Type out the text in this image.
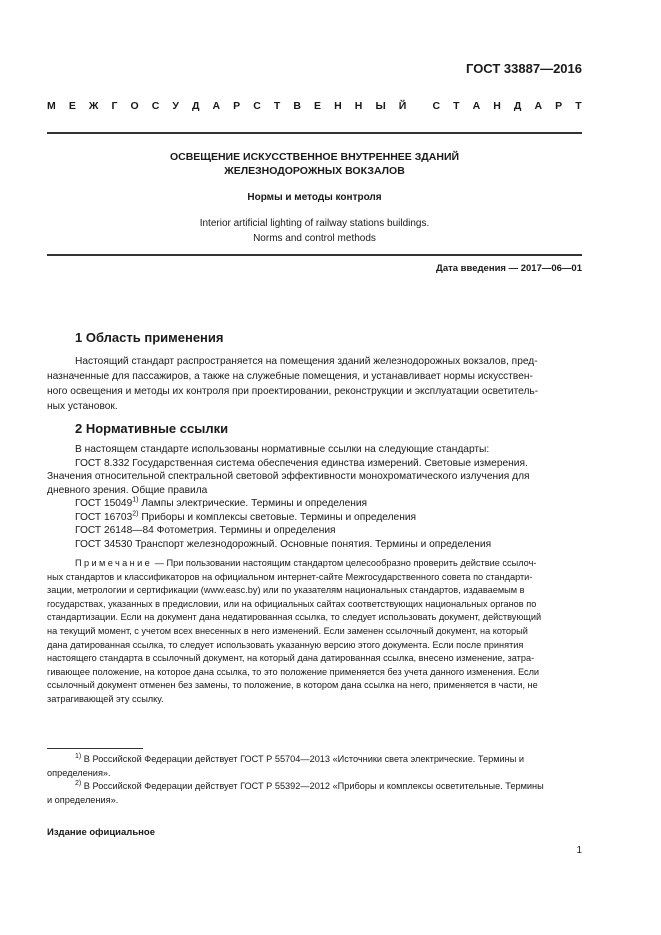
ГОСТ 33887—2016
М Е Ж Г О С У Д А Р С Т В Е Н Н Ы Й С Т А Н Д А Р Т
ОСВЕЩЕНИЕ ИСКУССТВЕННОЕ ВНУТРЕННЕЕ ЗДАНИЙ
ЖЕЛЕЗНОДОРОЖНЫХ ВОКЗАЛОВ
Нормы и методы контроля
Interior artificial lighting of railway stations buildings.
Norms and control methods
Дата введения — 2017—06—01
1 Область применения
Настоящий стандарт распространяется на помещения зданий железнодорожных вокзалов, пред-
назначенные для пассажиров, а также на служебные помещения, и устанавливает нормы искусствен-
ного освещения и методы их контроля при проектировании, реконструкции и эксплуатации осветитель-
ных установок.
2 Нормативные ссылки
В настоящем стандарте использованы нормативные ссылки на следующие стандарты:
ГОСТ 8.332 Государственная система обеспечения единства измерений. Световые измерения.
Значения относительной спектральной световой эффективности монохроматического излучения для
дневного зрения. Общие правила
ГОСТ 15049$^{1)}$ Лампы электрические. Термины и определения
ГОСТ 16703$^{2)}$ Приборы и комплексы световые. Термины и определения
ГОСТ 26148—84 Фотометрия. Термины и определения
ГОСТ 34530 Транспорт железнодорожный. Основные понятия. Термины и определения
Примечание — При пользовании настоящим стандартом целесообразно проверить действие ссылоч-
ных стандартов и классификаторов на официальном интернет-сайте Межгосударственного совета по стандарти-
зации, метрологии и сертификации (www.easc.by) или по указателям национальных стандартов, издаваемым в
государствах, указанных в предисловии, или на официальных сайтах соответствующих национальных органов по
стандартизации. Если на документ дана недатированная ссылка, то следует использовать документ, действующий
на текущий момент, с учетом всех внесенных в него изменений. Если заменен ссылочный документ, на который
дана датированная ссылка, то следует использовать указанную версию этого документа. Если после принятия
настоящего стандарта в ссылочный документ, на который дана датированная ссылка, внесено изменение, затра-
гивающее положение, на которое дана ссылка, то это положение применяется без учета данного изменения. Если
ссылочный документ отменен без замены, то положение, в котором дана ссылка на него, применяется в части, не
затрагивающей эту ссылку.
$^{1)}$ В Российской Федерации действует ГОСТ Р 55704—2013 «Источники света электрические. Термины и
определения».
$^{2)}$ В Российской Федерации действует ГОСТ Р 55392—2012 «Приборы и комплексы осветительные. Термины
и определения».
Издание официальное
1
